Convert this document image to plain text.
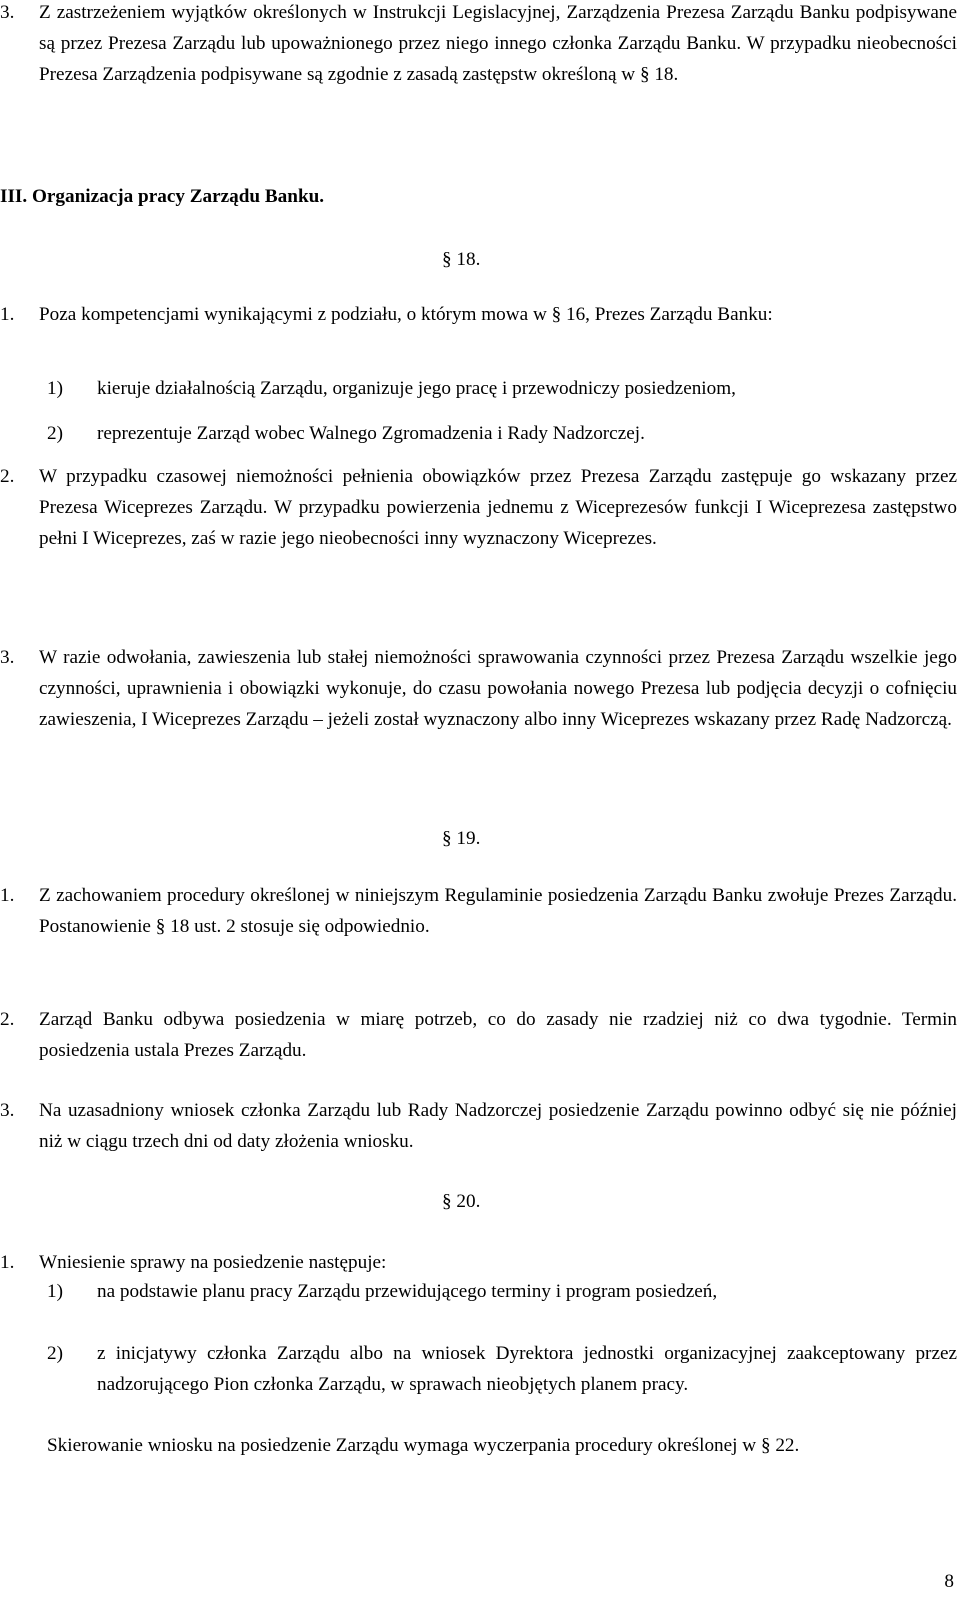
3. Z zastrzeżeniem wyjątków określonych w Instrukcji Legislacyjnej, Zarządzenia Prezesa Zarządu Banku podpisywane są przez Prezesa Zarządu lub upoważnionego przez niego innego członka Zarządu Banku. W przypadku nieobecności Prezesa Zarządzenia podpisywane są zgodnie z zasadą zastępstw określoną w § 18.
III. Organizacja pracy Zarządu Banku.
§ 18.
1. Poza kompetencjami wynikającymi z podziału, o którym mowa w § 16, Prezes Zarządu Banku:
1) kieruje działalnością Zarządu, organizuje jego pracę i przewodniczy posiedzeniom,
2) reprezentuje Zarząd wobec Walnego Zgromadzenia i Rady Nadzorczej.
2. W przypadku czasowej niemożności pełnienia obowiązków przez Prezesa Zarządu zastępuje go wskazany przez Prezesa Wiceprezes Zarządu. W przypadku powierzenia jednemu z Wiceprezesów funkcji I Wiceprezesa zastępstwo pełni I Wiceprezes, zaś w razie jego nieobecności inny wyznaczony Wiceprezes.
3. W razie odwołania, zawieszenia lub stałej niemożności sprawowania czynności przez Prezesa Zarządu wszelkie jego czynności, uprawnienia i obowiązki wykonuje, do czasu powołania nowego Prezesa lub podjęcia decyzji o cofnięciu zawieszenia, I Wiceprezes Zarządu – jeżeli został wyznaczony albo inny Wiceprezes wskazany przez Radę Nadzorczą.
§ 19.
1. Z zachowaniem procedury określonej w niniejszym Regulaminie posiedzenia Zarządu Banku zwołuje Prezes Zarządu. Postanowienie § 18 ust. 2 stosuje się odpowiednio.
2. Zarząd Banku odbywa posiedzenia w miarę potrzeb, co do zasady nie rzadziej niż co dwa tygodnie. Termin posiedzenia ustala Prezes Zarządu.
3. Na uzasadniony wniosek członka Zarządu lub Rady Nadzorczej posiedzenie Zarządu powinno odbyć się nie później niż w ciągu trzech dni od daty złożenia wniosku.
§ 20.
1. Wniesienie sprawy na posiedzenie następuje:
1) na podstawie planu pracy Zarządu przewidującego terminy i program posiedzeń,
2) z inicjatywy członka Zarządu albo na wniosek Dyrektora jednostki organizacyjnej zaakceptowany przez nadzorującego Pion członka Zarządu, w sprawach nieobjętych planem pracy.
Skierowanie wniosku na posiedzenie Zarządu wymaga wyczerpania procedury określonej w § 22.
8
